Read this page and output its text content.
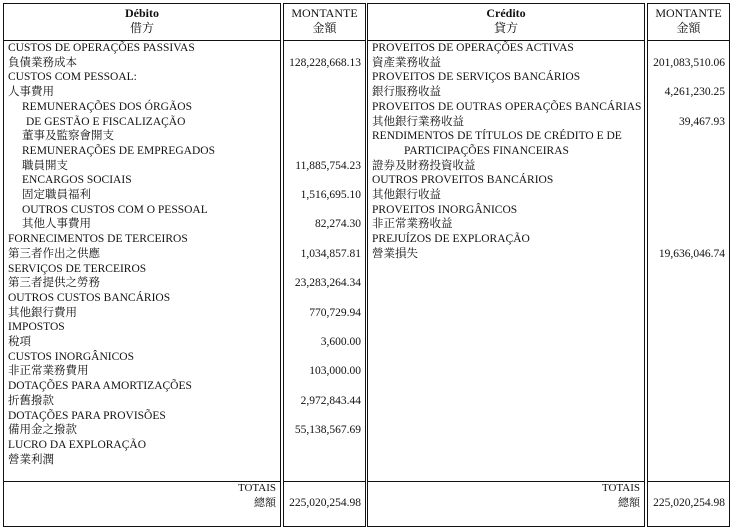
Débito
借方
CUSTOS DE OPERAÇÕES PASSIVAS
負債業務成本
CUSTOS COM PESSOAL:
人事費用
REMUNERAÇÕES DOS ÓRGÃOS
DE GESTÃO E FISCALIZAÇÃO
董事及監察會開支
REMUNERAÇÕES DE EMPREGADOS
職員開支
ENCARGOS SOCIAIS
固定職員福利
OUTROS CUSTOS COM O PESSOAL
其他人事費用
FORNECIMENTOS DE TERCEIROS
第三者作出之供應
SERVIÇOS DE TERCEIROS
第三者提供之勞務
OUTROS CUSTOS BANCÁRIOS
其他銀行費用
IMPOSTOS
稅項
CUSTOS INORGÂNICOS
非正常業務費用
DOTAÇÕES PARA AMORTIZAÇÕES
折舊撥款
DOTAÇÕES PARA PROVISÕES
備用金之撥款
LUCRO DA EXPLORAÇÃO
營業利潤
TOTAIS
總額
MONTANTE
金額
128,228,668.13
11,885,754.23
1,516,695.10
82,274.30
1,034,857.81
23,283,264.34
770,729.94
3,600.00
103,000.00
2,972,843.44
55,138,567.69
225,020,254.98
Crédito
貸方
PROVEITOS DE OPERAÇÕES ACTIVAS
資產業務收益
PROVEITOS DE SERVIÇOS BANCÁRIOS
銀行服務收益
PROVEITOS DE OUTRAS OPERAÇÕES BANCÁRIAS
其他銀行業務收益
RENDIMENTOS DE TÍTULOS DE CRÉDITO E DE
PARTICIPAÇÕES FINANCEIRAS
證券及財務投資收益
OUTROS PROVEITOS BANCÁRIOS
其他銀行收益
PROVEITOS INORGÂNICOS
非正常業務收益
PREJUÍZOS DE EXPLORAÇÃO
營業損失
TOTAIS
總額
MONTANTE
金額
201,083,510.06
4,261,230.25
39,467.93
19,636,046.74
225,020,254.98
